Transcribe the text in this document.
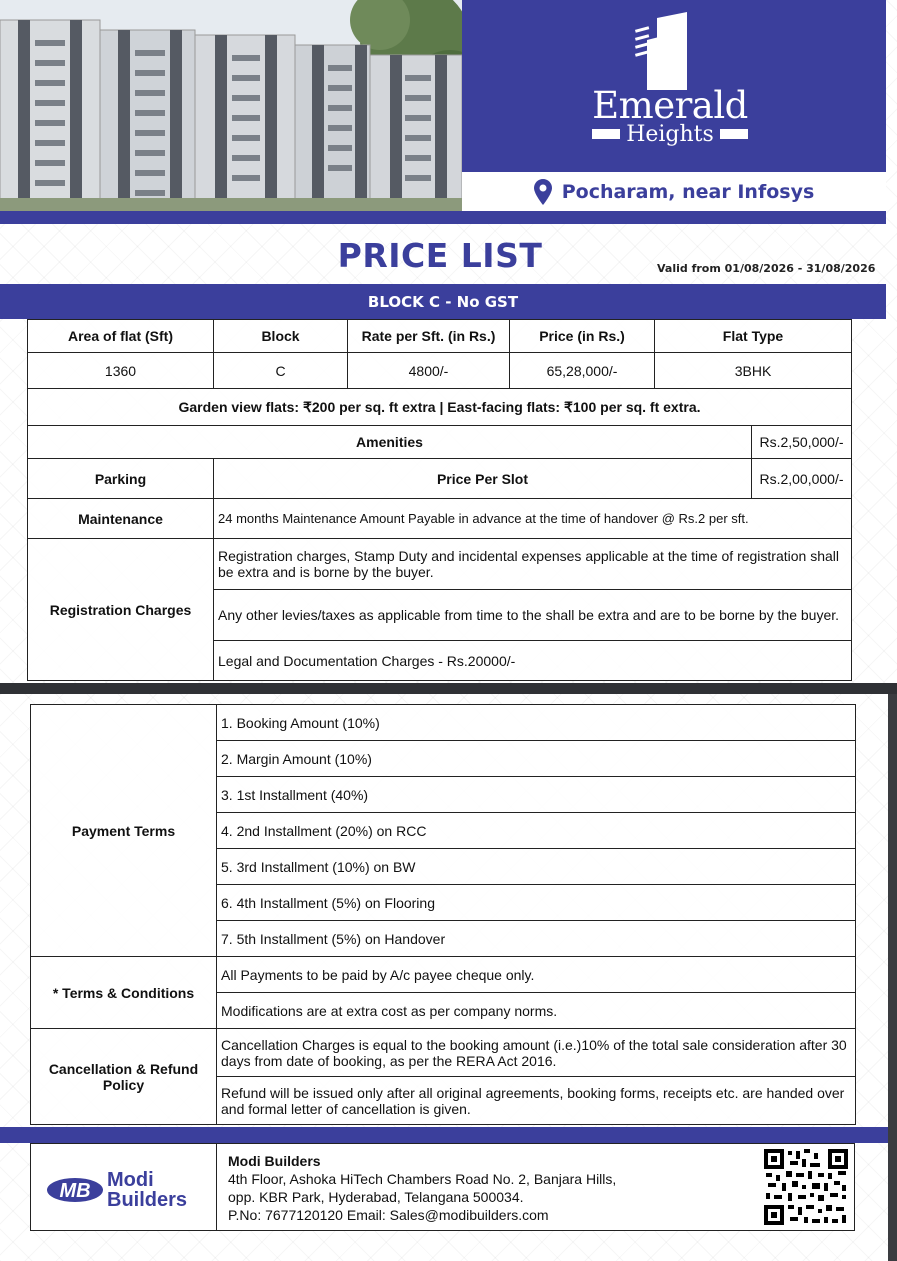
Emerald
Heights
Pocharam, near Infosys
PRICE LIST	Valid from 01/08/2026 - 31/08/2026
BLOCK C - No GST
Area of flat (Sft)	Block	Rate per Sft. (in Rs.)	Price (in Rs.)	Flat Type	
1360	C	4800/-	65,28,000/-	3BHK	
Garden view flats: ₹200 per sq. ft extra | East-facing flats: ₹100 per sq. ft extra.					
Amenities					Rs.2,50,000/-
Parking	Price Per Slot				Rs.2,00,000/-
Maintenance	24 months Maintenance Amount Payable in advance at the time of handover @ Rs.2 per sft.				
Registration Charges	Registration charges, Stamp Duty and incidental expenses applicable at the time of registration shall be extra and is borne by the buyer.				
	Any other levies/taxes as applicable from time to the shall be extra and are to be borne by the buyer.				
	Legal and Documentation Charges - Rs.20000/-				
Payment Terms	1. Booking Amount (10%)
	2. Margin Amount (10%)
	3. 1st Installment (40%)
	4. 2nd Installment (20%) on RCC
	5. 3rd Installment (10%) on BW
	6. 4th Installment (5%) on Flooring
	7. 5th Installment (5%) on Handover
* Terms & Conditions	All Payments to be paid by A/c payee cheque only.
	Modifications are at extra cost as per company norms.
Cancellation & Refund Policy	Cancellation Charges is equal to the booking amount (i.e.)10% of the total sale consideration after 30 days from date of booking, as per the RERA Act 2016.
	Refund will be issued only after all original agreements, booking forms, receipts etc. are handed over and formal letter of cancellation is given.
MB Modi
Builders
Modi Builders
4th Floor, Ashoka HiTech Chambers Road No. 2, Banjara Hills,
opp. KBR Park, Hyderabad, Telangana 500034.
P.No: 7677120120 Email: Sales@modibuilders.com
